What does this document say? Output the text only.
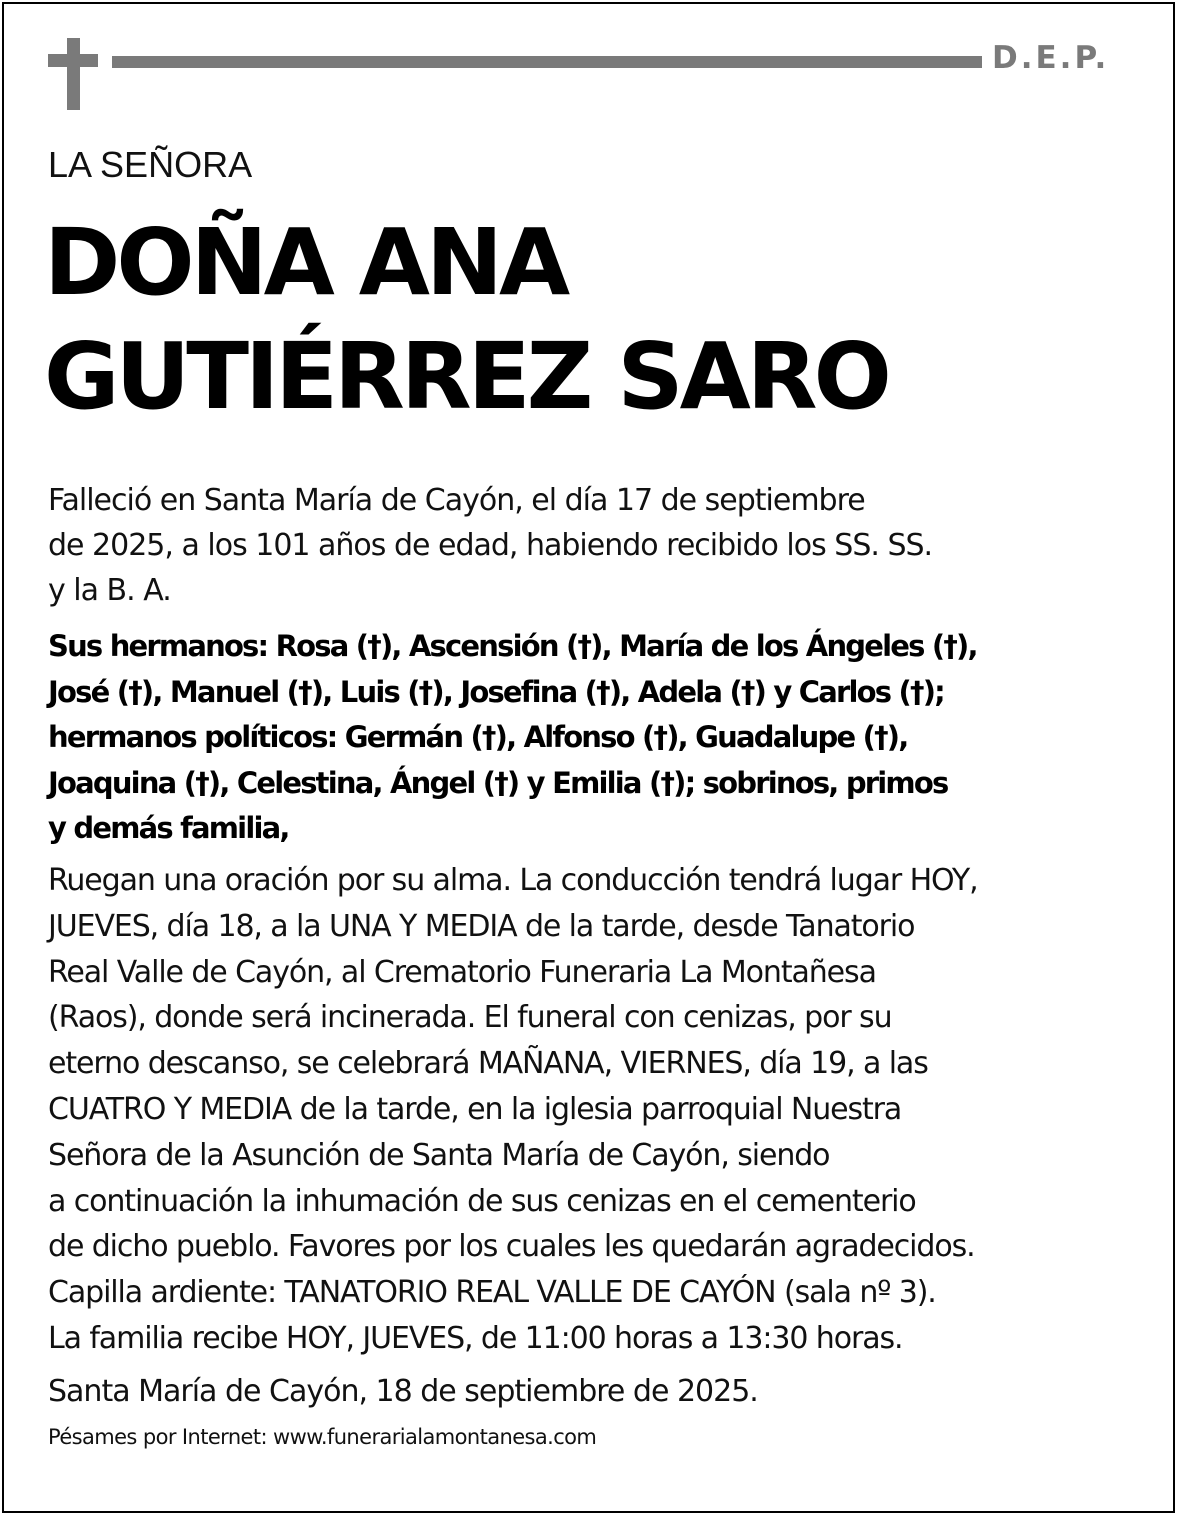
D.E.P.
LA SEÑORA
DOÑA ANA
GUTIÉRREZ SARO
Falleció en Santa María de Cayón, el día 17 de septiembre
de 2025, a los 101 años de edad, habiendo recibido los SS. SS.
y la B. A.
Sus hermanos: Rosa (†), Ascensión (†), María de los Ángeles (†),
José (†), Manuel (†), Luis (†), Josefina (†), Adela (†) y Carlos (†);
hermanos políticos: Germán (†), Alfonso (†), Guadalupe (†),
Joaquina (†), Celestina, Ángel (†) y Emilia (†); sobrinos, primos
y demás familia,
Ruegan una oración por su alma. La conducción tendrá lugar HOY,
JUEVES, día 18, a la UNA Y MEDIA de la tarde, desde Tanatorio
Real Valle de Cayón, al Crematorio Funeraria La Montañesa
(Raos), donde será incinerada. El funeral con cenizas, por su
eterno descanso, se celebrará MAÑANA, VIERNES, día 19, a las
CUATRO Y MEDIA de la tarde, en la iglesia parroquial Nuestra
Señora de la Asunción de Santa María de Cayón, siendo
a continuación la inhumación de sus cenizas en el cementerio
de dicho pueblo. Favores por los cuales les quedarán agradecidos.
Capilla ardiente: TANATORIO REAL VALLE DE CAYÓN (sala nº 3).
La familia recibe HOY, JUEVES, de 11:00 horas a 13:30 horas.
Santa María de Cayón, 18 de septiembre de 2025.
Pésames por Internet: www.funerarialamontanesa.com
